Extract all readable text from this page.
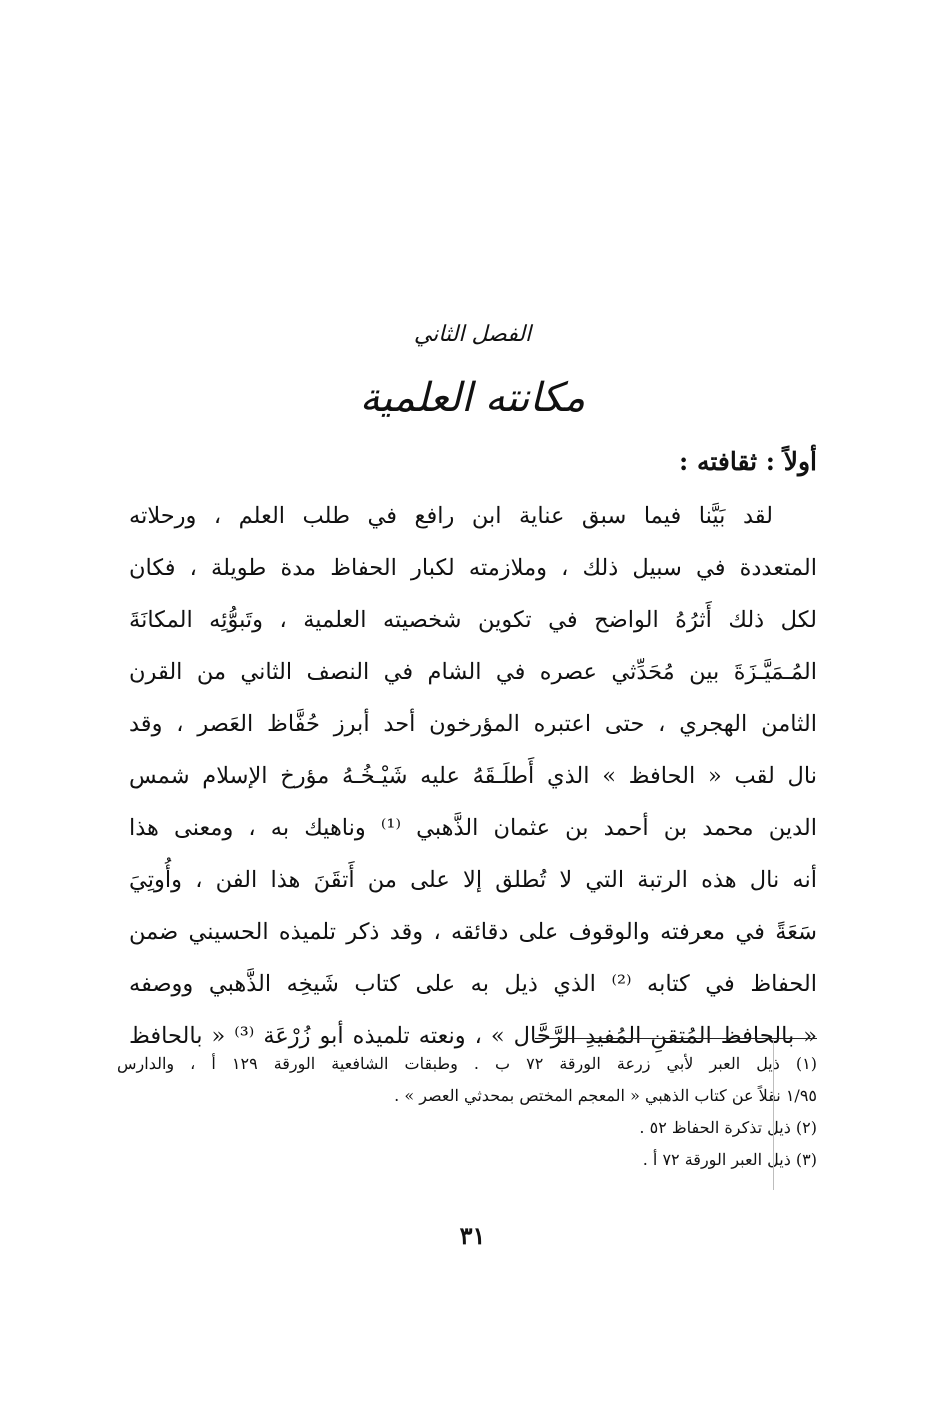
الفصل الثاني
مكانته العلمية
أولاً : ثقافته :
لقد بَيَّنا فيما سبق عناية ابن رافع في طلب العلم ، ورحلاته
المتعددة في سبيل ذلك ، وملازمته لكبار الحفاظ مدة طويلة ، فكان
لكل ذلك أَثرُهُ الواضح في تكوين شخصيته العلمية ، وتَبوُّئِه المكانَةَ
المُـمَيَّـزَةَ بين مُحَدِّثي عصره في الشام في النصف الثاني من القرن
الثامن الهجري ، حتى اعتبره المؤرخون أحد أبرز حُفَّاظ العَصر ، وقد
نال لقب « الحافظ » الذي أَطلَـقَهُ عليه شَيْـخُـهُ مؤرخ الإسلام شمس
الدين محمد بن أحمد بن عثمان الذَّهبي ⁽¹⁾ وناهيك به ، ومعنى هذا
أنه نال هذه الرتبة التي لا تُطلق إلا على من أَتقَنَ هذا الفن ، وأُوتِيَ
سَعَةً في معرفته والوقوف على دقائقه ، وقد ذكر تلميذه الحسيني ضمن
الحفاظ في كتابه ⁽²⁾ الذي ذيل به على كتاب شَيخِه الذَّهبي ووصفه
« بالحافظ المُتقنِ المُفيدِ الرَّحَّال » ، ونعته تلميذه أبو زُرْعَة ⁽³⁾ « بالحافظ
(١) ذيل العبر لأبي زرعة الورقة ٧٢ ب . وطبقات الشافعية الورقة ١٢٩ أ ، والدارس
١/٩٥ نقلاً عن كتاب الذهبي « المعجم المختص بمحدثي العصر » .
(٢) ذيل تذكرة الحفاظ ٥٢ .
(٣) ذيل العبر الورقة ٧٢ أ .
٣١
